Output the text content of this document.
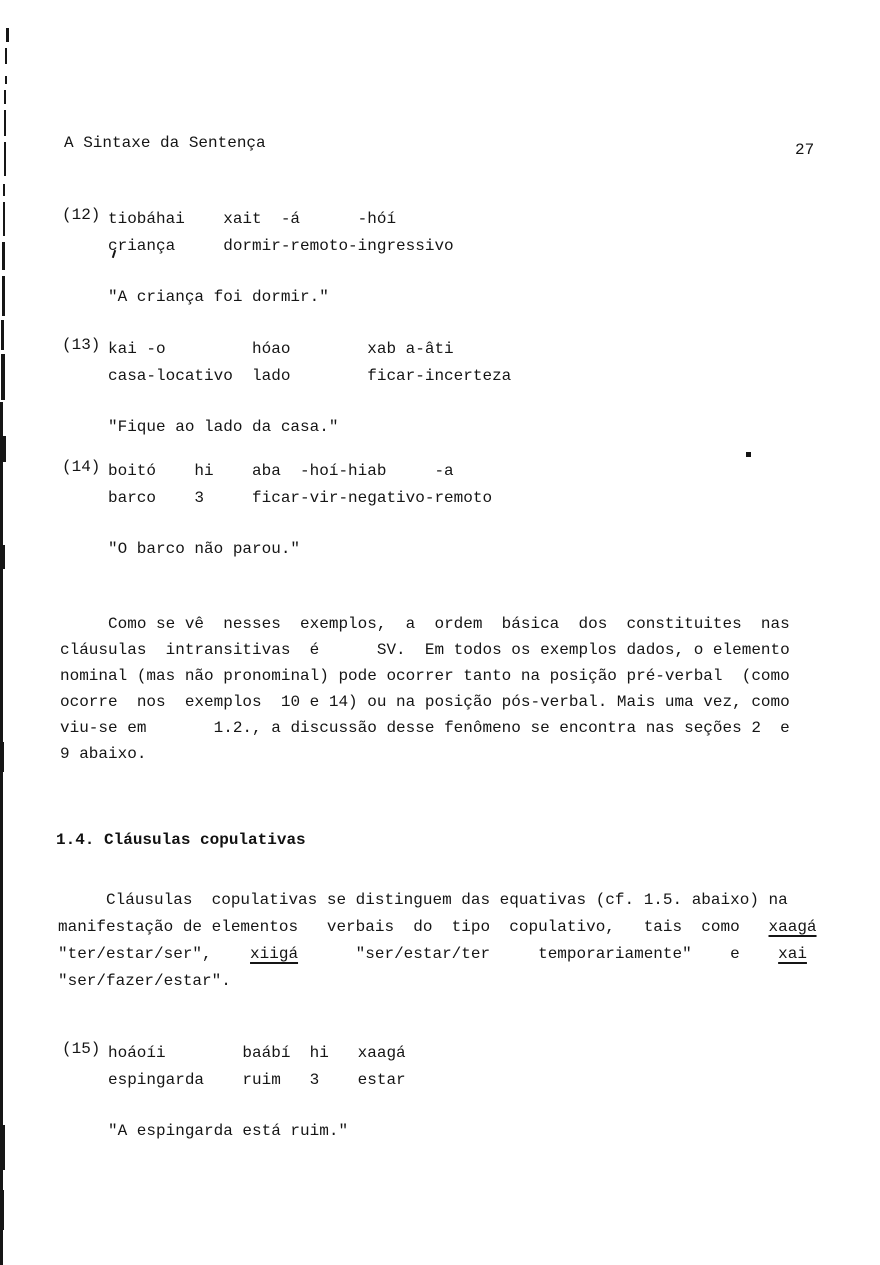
A Sintaxe da Sentença	27
(12) tiobáhai    xait  -á      -hóí
criança     dormir-remoto-ingressivo
"A criança foi dormir."
(13) kai -o         hóao        xab a-âti
casa-locativo  lado        ficar-incerteza
"Fique ao lado da casa."
(14) boitó    hi    aba  -hoí-hiab     -a
barco    3     ficar-vir-negativo-remoto
"O barco não parou."
Como se vê  nesses  exemplos,  a  ordem  básica  dos  constituites  nas
cláusulas  intransitivas  é      SV.  Em todos os exemplos dados, o elemento
nominal (mas não pronominal) pode ocorrer tanto na posição pré-verbal  (como
ocorre  nos  exemplos  10 e 14) ou na posição pós-verbal. Mais uma vez, como
viu-se em       1.2., a discussão desse fenômeno se encontra nas seções 2  e
9 abaixo.
1.4. Cláusulas copulativas
Cláusulas  copulativas se distinguem das equativas (cf. 1.5. abaixo) na
manifestação de elementos   verbais  do  tipo  copulativo,   tais  como   xaagá
"ter/estar/ser",    xiigá      "ser/estar/ter     temporariamente"    e    xai
"ser/fazer/estar".
(15) hoáoíi        baábí  hi   xaagá
espingarda    ruim   3    estar
"A espingarda está ruim."
